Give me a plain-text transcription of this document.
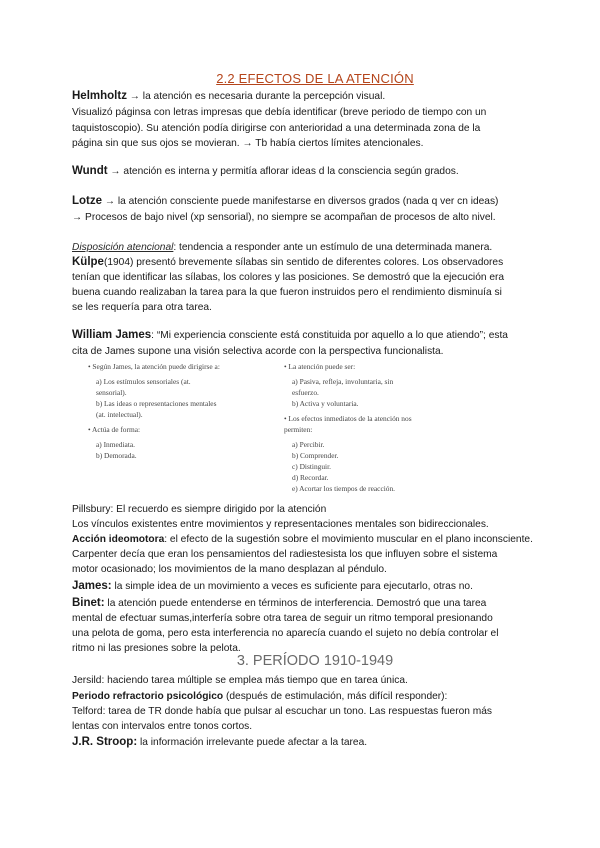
2.2 EFECTOS DE LA ATENCIÓN
Helmholtz → la atención es necesaria durante la percepción visual.
Visualizó páginsa con letras impresas que debía identificar (breve periodo de tiempo con un
taquistoscopio). Su atención podía dirigirse con anterioridad a una determinada zona de la
página sin que sus ojos se movieran. → Tb había ciertos límites atencionales.
Wundt → atención es interna y permitía aflorar ideas d la consciencia según grados.
Lotze → la atención consciente puede manifestarse en diversos grados (nada q ver cn ideas)
→ Procesos de bajo nivel (xp sensorial), no siempre se acompañan de procesos de alto nivel.
Disposición atencional: tendencia a responder ante un estímulo de una determinada manera.
Külpe(1904) presentó brevemente sílabas sin sentido de diferentes colores. Los observadores
tenían que identificar las sílabas, los colores y las posiciones. Se demostró que la ejecución era
buena cuando realizaban la tarea para la que fueron instruidos pero el rendimiento disminuía si
se les requería para otra tarea.
William James: “Mi experiencia consciente está constituida por aquello a lo que atiendo”; esta
cita de James supone una visión selectiva acorde con la perspectiva funcionalista.
• Según James, la atención puede dirigirse a:
a) Los estímulos sensoriales (at.
sensorial).
b) Las ideas o representaciones mentales
(at. intelectual).
• Actúa de forma:
a) Inmediata.
b) Demorada.
• La atención puede ser:
a) Pasiva, refleja, involuntaria, sin
esfuerzo.
b) Activa y voluntaria.
• Los efectos inmediatos de la atención nos
permiten:
a) Percibir.
b) Comprender.
c) Distinguir.
d) Recordar.
e) Acortar los tiempos de reacción.
Pillsbury: El recuerdo es siempre dirigido por la atención
Los vínculos existentes entre movimientos y representaciones mentales son bidireccionales.
Acción ideomotora: el efecto de la sugestión sobre el movimiento muscular en el plano inconsciente.
Carpenter decía que eran los pensamientos del radiestesista los que influyen sobre el sistema
motor ocasionado; los movimientos de la mano desplazan al péndulo.
James: la simple idea de un movimiento a veces es suficiente para ejecutarlo, otras no.
Binet: la atención puede entenderse en términos de interferencia. Demostró que una tarea
mental de efectuar sumas,interfería sobre otra tarea de seguir un ritmo temporal presionando
una pelota de goma, pero esta interferencia no aparecía cuando el sujeto no debía controlar el
ritmo ni las presiones sobre la pelota.
3. PERÍODO 1910-1949
Jersild: haciendo tarea múltiple se emplea más tiempo que en tarea única.
Periodo refractorio psicológico (después de estimulación, más difícil responder):
Telford: tarea de TR donde había que pulsar al escuchar un tono. Las respuestas fueron más
lentas con intervalos entre tonos cortos.
J.R. Stroop: la información irrelevante puede afectar a la tarea.
